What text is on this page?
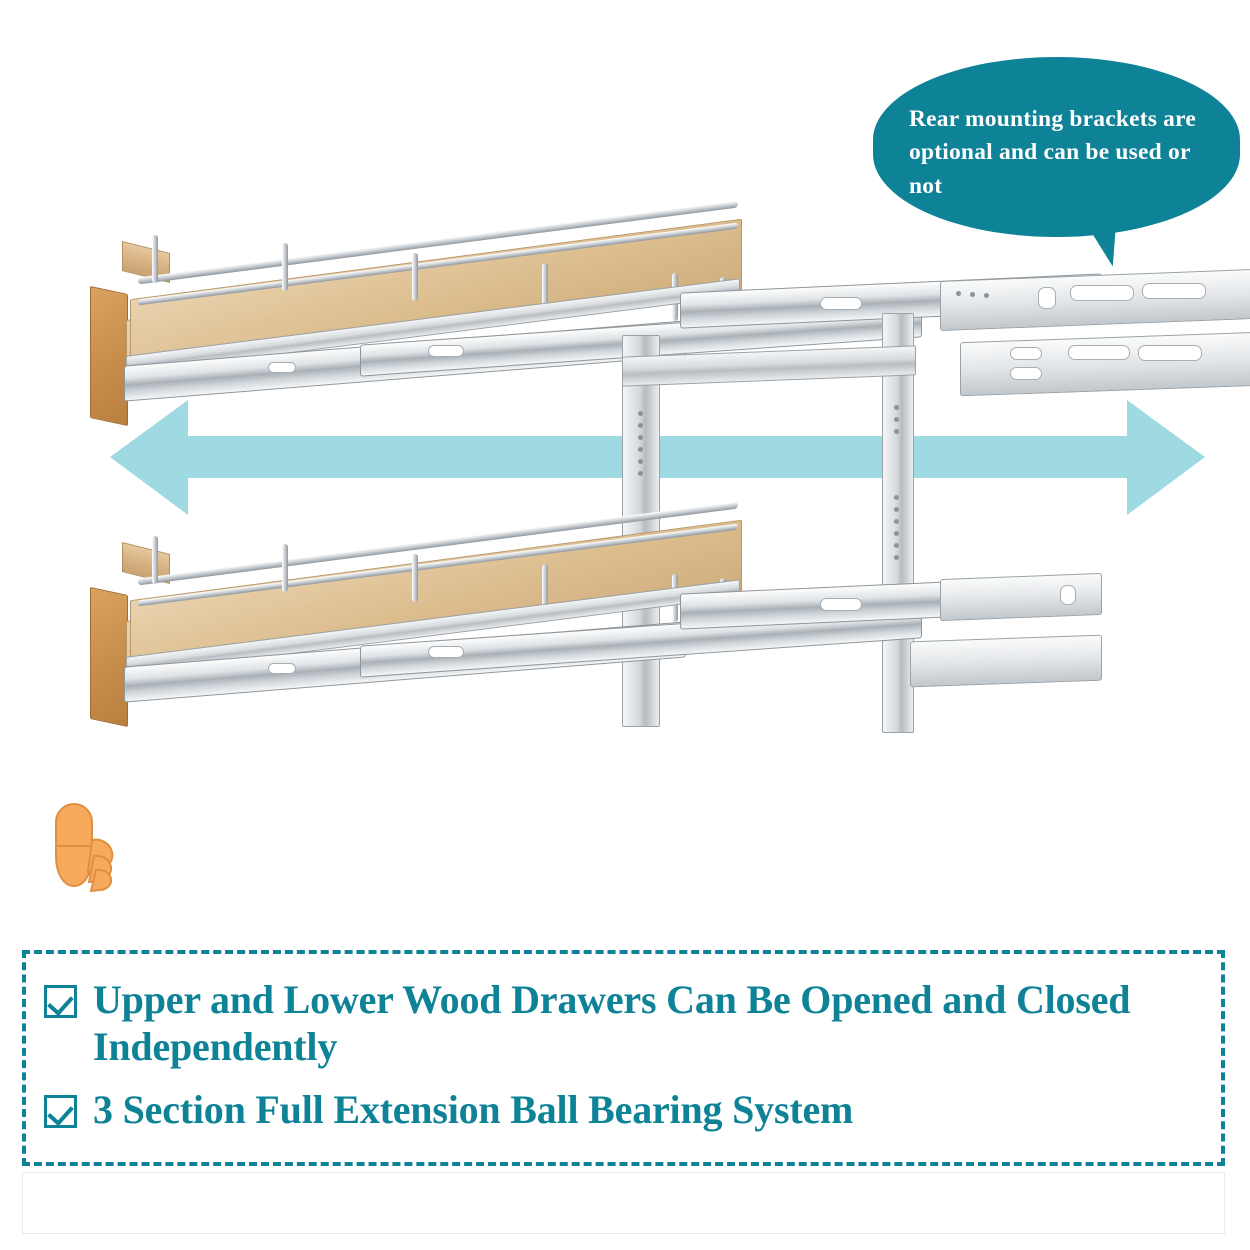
Rear mounting brackets are optional and can be used or not
Upper and Lower Wood Drawers Can Be Opened and Closed Independently
3 Section Full Extension Ball Bearing System
